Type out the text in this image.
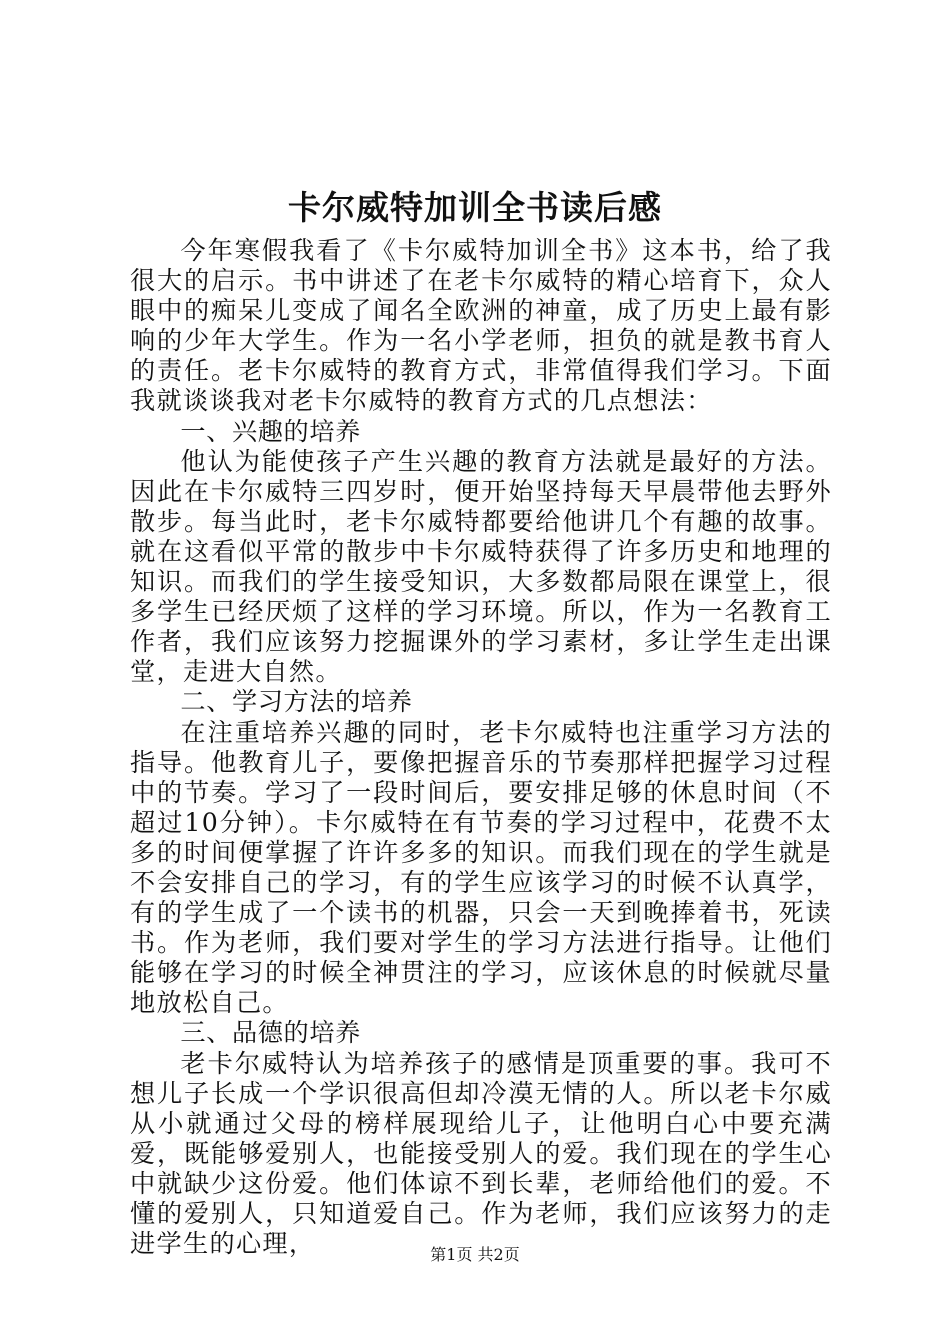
卡尔威特加训全书读后感

今年寒假我看了《卡尔威特加训全书》这本书，给了我很大的启示。书中讲述了在老卡尔威特的精心培育下，众人眼中的痴呆儿变成了闻名全欧洲的神童，成了历史上最有影响的少年大学生。作为一名小学老师，担负的就是教书育人的责任。老卡尔威特的教育方式，非常值得我们学习。下面我就谈谈我对老卡尔威特的教育方式的几点想法：

一、兴趣的培养

他认为能使孩子产生兴趣的教育方法就是最好的方法。因此在卡尔威特三四岁时，便开始坚持每天早晨带他去野外散步。每当此时，老卡尔威特都要给他讲几个有趣的故事。就在这看似平常的散步中卡尔威特获得了许多历史和地理的知识。而我们的学生接受知识，大多数都局限在课堂上，很多学生已经厌烦了这样的学习环境。所以，作为一名教育工作者，我们应该努力挖掘课外的学习素材，多让学生走出课堂，走进大自然。

二、学习方法的培养

在注重培养兴趣的同时，老卡尔威特也注重学习方法的指导。他教育儿子，要像把握音乐的节奏那样把握学习过程中的节奏。学习了一段时间后，要安排足够的休息时间（不超过10分钟）。卡尔威特在有节奏的学习过程中，花费不太多的时间便掌握了许许多多的知识。而我们现在的学生就是不会安排自己的学习，有的学生应该学习的时候不认真学，有的学生成了一个读书的机器，只会一天到晚捧着书，死读书。作为老师，我们要对学生的学习方法进行指导。让他们能够在学习的时候全神贯注的学习，应该休息的时候就尽量地放松自己。

三、品德的培养

老卡尔威特认为培养孩子的感情是顶重要的事。我可不想儿子长成一个学识很高但却冷漠无情的人。所以老卡尔威从小就通过父母的榜样展现给儿子，让他明白心中要充满爱，既能够爱别人，也能接受别人的爱。我们现在的学生心中就缺少这份爱。他们体谅不到长辈，老师给他们的爱。不懂的爱别人，只知道爱自己。作为老师，我们应该努力的走进学生的心理，	第1页 共2页
